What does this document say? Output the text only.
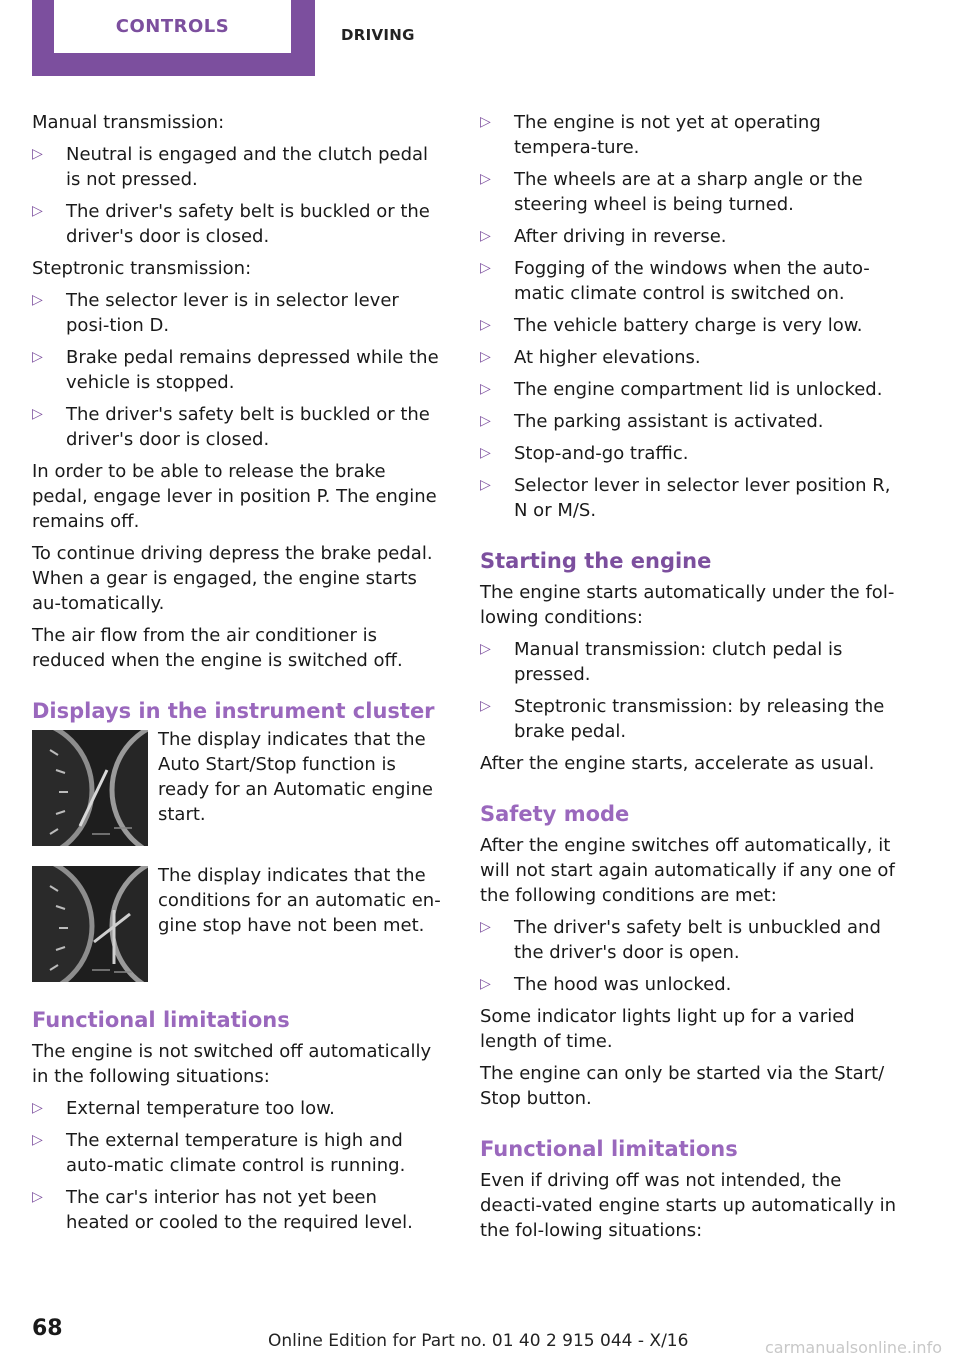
CONTROLS	DRIVING

Manual transmission:

▷ Neutral is engaged and the clutch pedal is not pressed.
▷ The driver's safety belt is buckled or the driver's door is closed.

Steptronic transmission:

▷ The selector lever is in selector lever posi-tion D.
▷ Brake pedal remains depressed while the vehicle is stopped.
▷ The driver's safety belt is buckled or the driver's door is closed.

In order to be able to release the brake pedal, engage lever in position P. The engine remains off.

To continue driving depress the brake pedal. When a gear is engaged, the engine starts au-tomatically.

The air flow from the air conditioner is reduced when the engine is switched off.

Displays in the instrument cluster
The display indicates that the Auto Start/Stop function is ready for an Automatic engine start.
The display indicates that the conditions for an automatic en-gine stop have not been met.
Functional limitations

The engine is not switched off automatically in the following situations:

▷ External temperature too low.
▷ The external temperature is high and auto-matic climate control is running.
▷ The car's interior has not yet been heated or cooled to the required level.
▷ The engine is not yet at operating tempera-ture.
▷ The wheels are at a sharp angle or the steering wheel is being turned.
▷ After driving in reverse.
▷ Fogging of the windows when the auto-matic climate control is switched on.
▷ The vehicle battery charge is very low.
▷ At higher elevations.
▷ The engine compartment lid is unlocked.
▷ The parking assistant is activated.
▷ Stop-and-go traffic.
▷ Selector lever in selector lever position R, N or M/S.
Starting the engine

The engine starts automatically under the fol-lowing conditions:

▷ Manual transmission: clutch pedal is pressed.
▷ Steptronic transmission: by releasing the brake pedal.

After the engine starts, accelerate as usual.

Safety mode

After the engine switches off automatically, it will not start again automatically if any one of the following conditions are met:

▷ The driver's safety belt is unbuckled and the driver's door is open.
▷ The hood was unlocked.

Some indicator lights light up for a varied length of time.

The engine can only be started via the Start/ Stop button.

Functional limitations

Even if driving off was not intended, the deacti-vated engine starts up automatically in the fol-lowing situations:

68	Online Edition for Part no. 01 40 2 915 044 - X/16	carmanualsonline.info
